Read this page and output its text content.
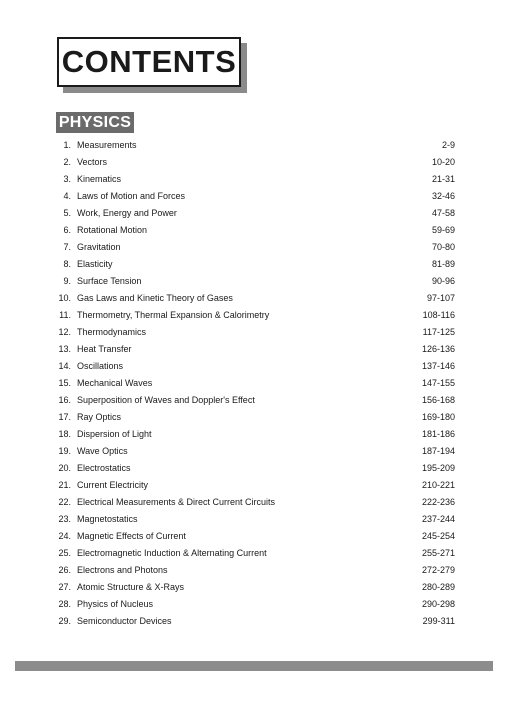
CONTENTS
PHYSICS
1. Measurements	2-9
2. Vectors	10-20
3. Kinematics	21-31
4. Laws of Motion and Forces	32-46
5. Work, Energy and Power	47-58
6. Rotational Motion	59-69
7. Gravitation	70-80
8. Elasticity	81-89
9. Surface Tension	90-96
10. Gas Laws and Kinetic Theory of Gases	97-107
11. Thermometry, Thermal Expansion & Calorimetry	108-116
12. Thermodynamics	117-125
13. Heat Transfer	126-136
14. Oscillations	137-146
15. Mechanical Waves	147-155
16. Superposition of Waves and Doppler's Effect	156-168
17. Ray Optics	169-180
18. Dispersion of Light	181-186
19. Wave Optics	187-194
20. Electrostatics	195-209
21. Current Electricity	210-221
22. Electrical Measurements & Direct Current Circuits	222-236
23. Magnetostatics	237-244
24. Magnetic Effects of Current	245-254
25. Electromagnetic Induction & Alternating Current	255-271
26. Electrons and Photons	272-279
27. Atomic Structure & X-Rays	280-289
28. Physics of Nucleus	290-298
29. Semiconductor Devices	299-311
